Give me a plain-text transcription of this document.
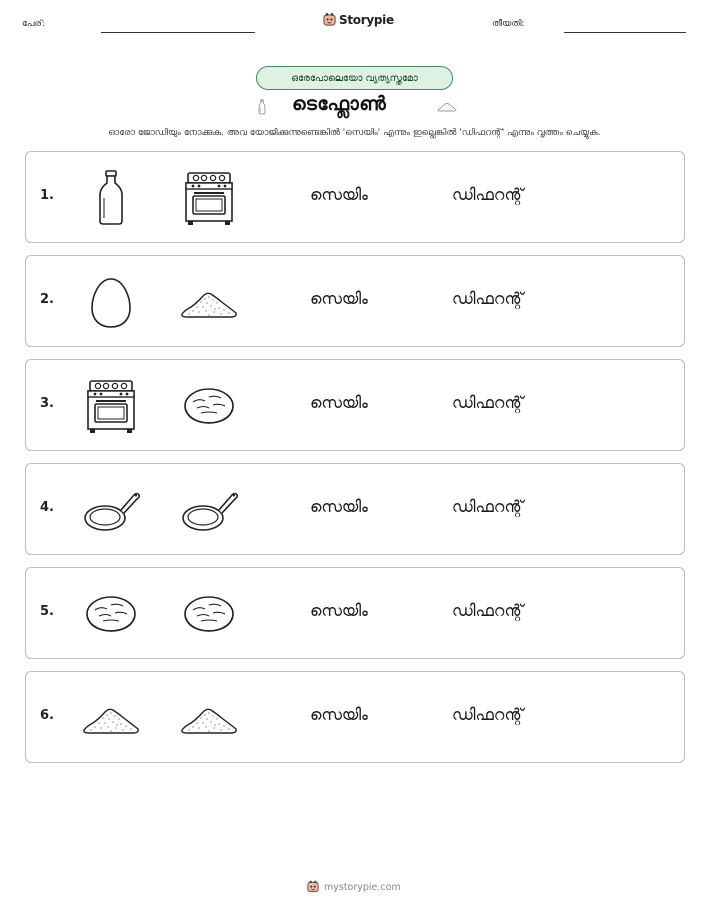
പേര്:	Storypie	തീയതി:
ഒരേപോലെയോ വ്യത്യസ്തമോ
ടെഫ്ലോൺ
ഓരോ ജോഡിയും നോക്കുക. അവ യോജിക്കുന്നുണ്ടെങ്കിൽ 'സെയിം' എന്നും ഇല്ലെങ്കിൽ 'ഡിഫറന്റ്' എന്നും വൃത്തം ചെയ്യുക.
1.	സെയിം	ഡിഫറന്റ്
2.	സെയിം	ഡിഫറന്റ്
3.	സെയിം	ഡിഫറന്റ്
4.	സെയിം	ഡിഫറന്റ്
5.	സെയിം	ഡിഫറന്റ്
6.	സെയിം	ഡിഫറന്റ്
mystorypie.com
